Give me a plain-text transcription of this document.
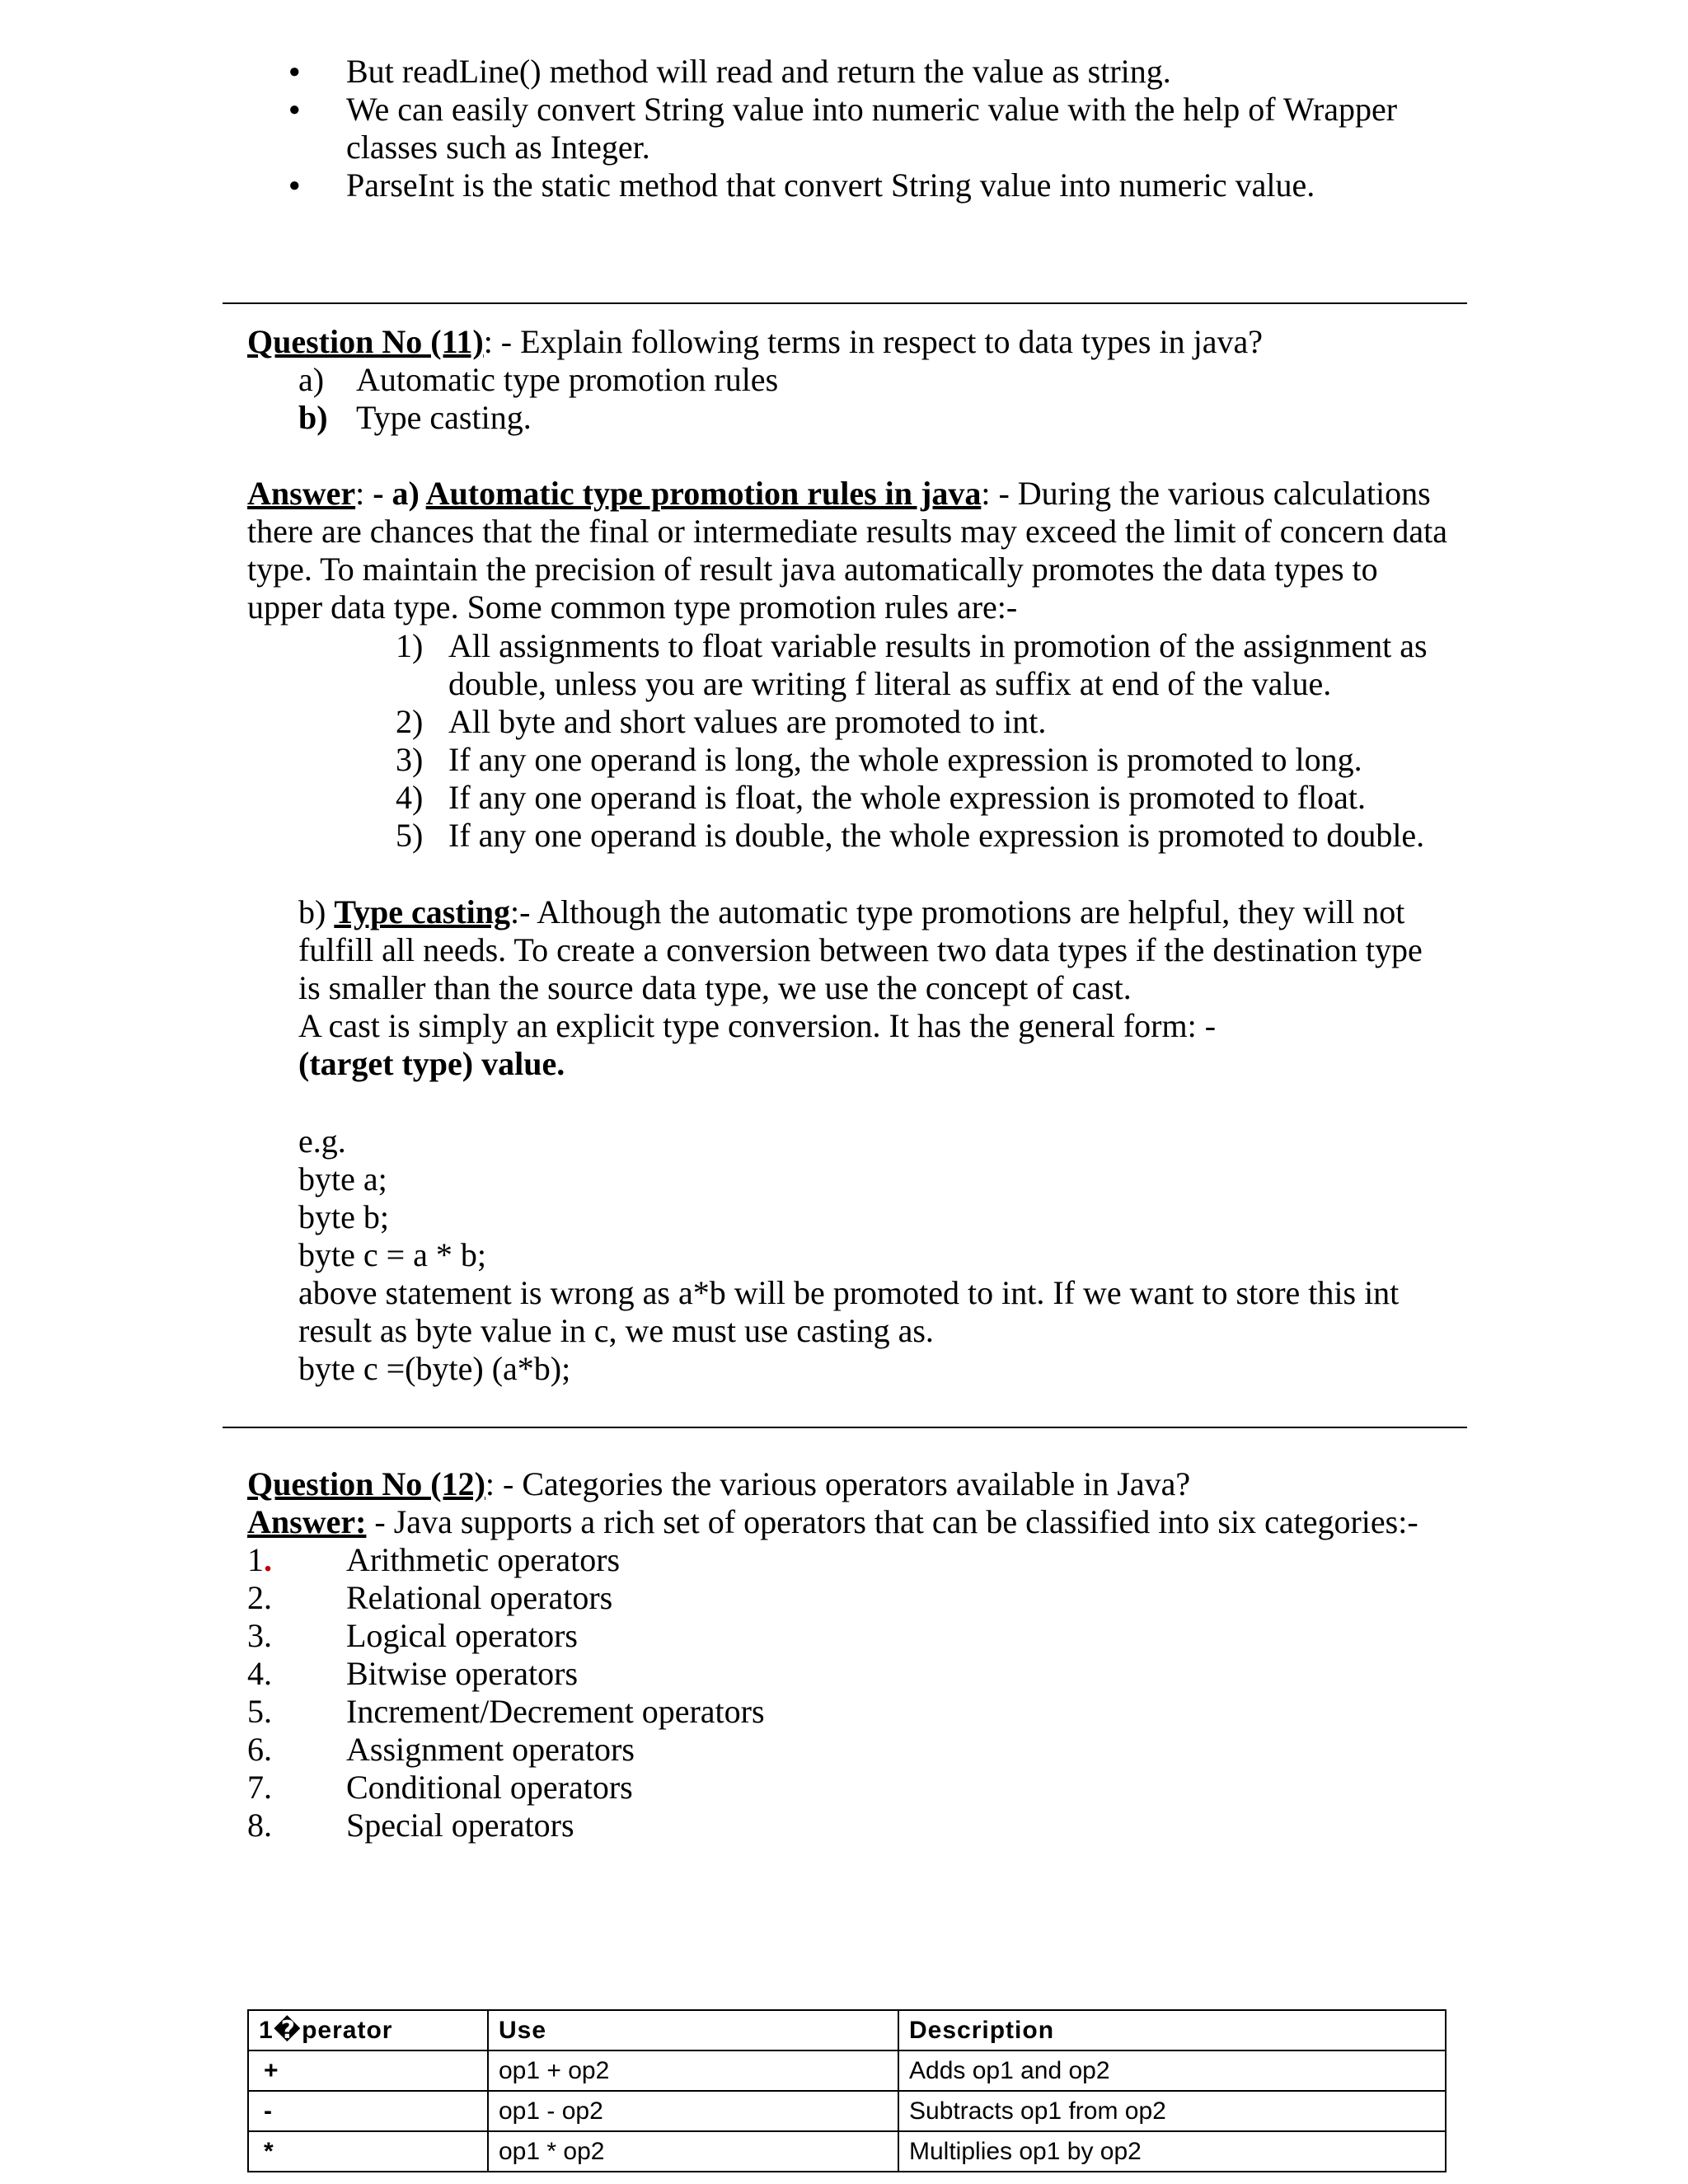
● But readLine() method will read and return the value as string.
● We can easily convert String value into numeric value with the help of Wrapper classes such as Integer.
● ParseInt is the static method that convert String value into numeric value.
Question No (11): - Explain following terms in respect to data types in java?
a) Automatic type promotion rules
b) Type casting.
Answer: - a) Automatic type promotion rules in java: - During the various calculations there are chances that the final or intermediate results may exceed the limit of concern data type. To maintain the precision of result java automatically promotes the data types to upper data type. Some common type promotion rules are:-
1) All assignments to float variable results in promotion of the assignment as double, unless you are writing f literal as suffix at end of the value.
2) All byte and short values are promoted to int.
3) If any one operand is long, the whole expression is promoted to long.
4) If any one operand is float, the whole expression is promoted to float.
5) If any one operand is double, the whole expression is promoted to double.
b) Type casting:- Although the automatic type promotions are helpful, they will not fulfill all needs. To create a conversion between two data types if the destination type is smaller than the source data type, we use the concept of cast.
A cast is simply an explicit type conversion. It has the general form: -
(target type) value.
e.g.
byte a;
byte b;
byte c = a * b;
above statement is wrong as a*b will be promoted to int. If we want to store this int result as byte value in c, we must use casting as.
byte c =(byte) (a*b);
Question No (12): - Categories the various operators available in Java?
Answer: - Java supports a rich set of operators that can be classified into six categories:-
1. Arithmetic operators
2. Relational operators
3. Logical operators
4. Bitwise operators
5. Increment/Decrement operators
6. Assignment operators
7. Conditional operators
8. Special operators
1�perator	Use	Description
+	op1 + op2	Adds op1 and op2
-	op1 - op2	Subtracts op1 from op2
*	op1 * op2	Multiplies op1 by op2
